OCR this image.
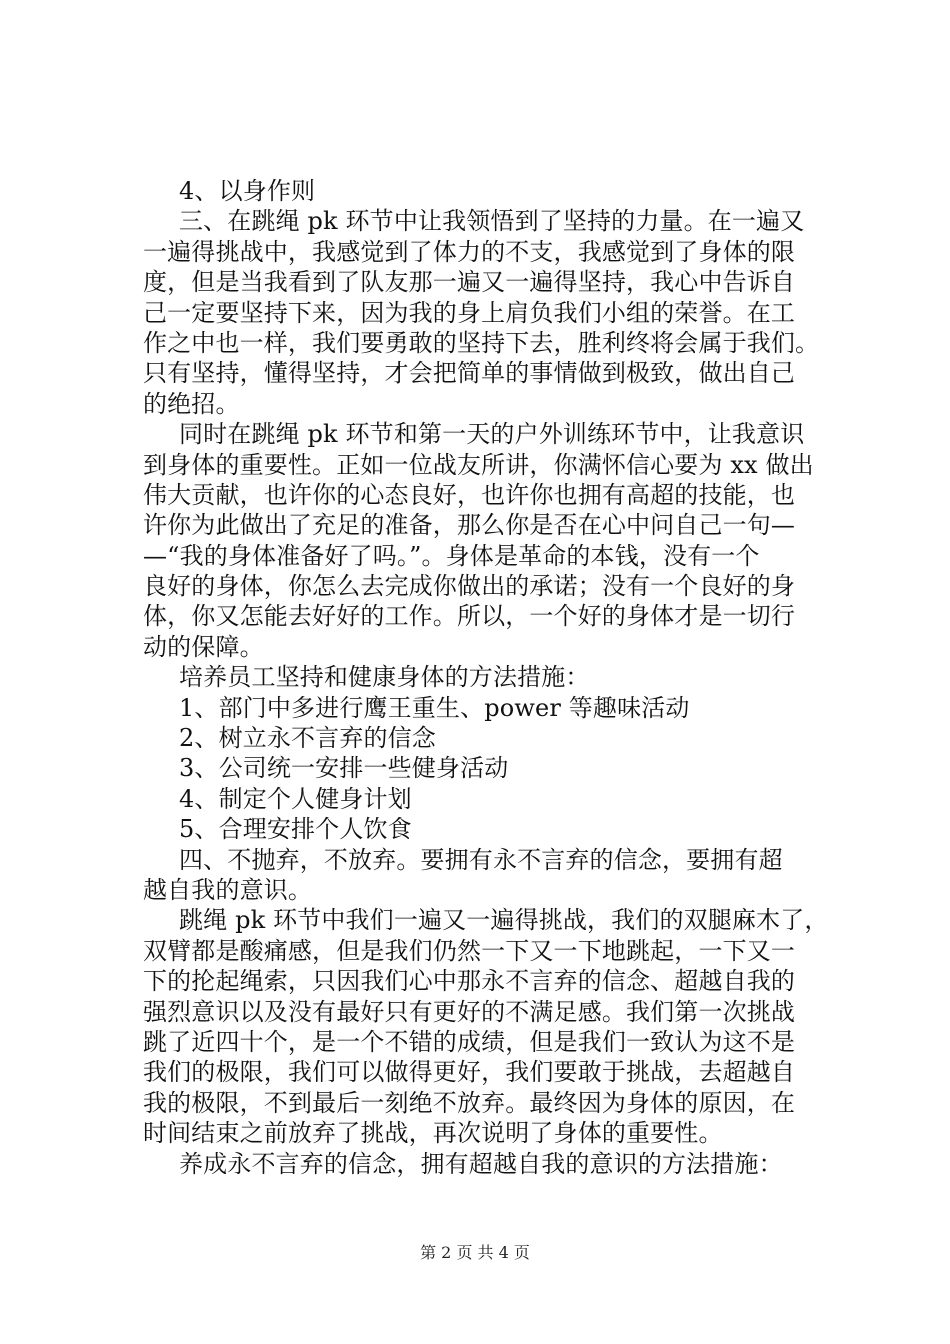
4、以身作则
三、在跳绳 pk 环节中让我领悟到了坚持的力量。在一遍又
一遍得挑战中，我感觉到了体力的不支，我感觉到了身体的限
度，但是当我看到了队友那一遍又一遍得坚持，我心中告诉自
己一定要坚持下来，因为我的身上肩负我们小组的荣誉。在工
作之中也一样，我们要勇敢的坚持下去，胜利终将会属于我们。
只有坚持，懂得坚持，才会把简单的事情做到极致，做出自己
的绝招。
同时在跳绳 pk 环节和第一天的户外训练环节中，让我意识
到身体的重要性。正如一位战友所讲，你满怀信心要为 xx 做出
伟大贡献，也许你的心态良好，也许你也拥有高超的技能，也
许你为此做出了充足的准备，那么你是否在心中问自己一句—
—“我的身体准备好了吗。”。身体是革命的本钱，没有一个
良好的身体，你怎么去完成你做出的承诺；没有一个良好的身
体，你又怎能去好好的工作。所以，一个好的身体才是一切行
动的保障。
培养员工坚持和健康身体的方法措施：
1、部门中多进行鹰王重生、power 等趣味活动
2、树立永不言弃的信念
3、公司统一安排一些健身活动
4、制定个人健身计划
5、合理安排个人饮食
四、不抛弃，不放弃。要拥有永不言弃的信念，要拥有超
越自我的意识。
跳绳 pk 环节中我们一遍又一遍得挑战，我们的双腿麻木了，
双臂都是酸痛感，但是我们仍然一下又一下地跳起，一下又一
下的抡起绳索，只因我们心中那永不言弃的信念、超越自我的
强烈意识以及没有最好只有更好的不满足感。我们第一次挑战
跳了近四十个，是一个不错的成绩，但是我们一致认为这不是
我们的极限，我们可以做得更好，我们要敢于挑战，去超越自
我的极限，不到最后一刻绝不放弃。最终因为身体的原因，在
时间结束之前放弃了挑战，再次说明了身体的重要性。
养成永不言弃的信念，拥有超越自我的意识的方法措施：
第 2 页 共 4 页
